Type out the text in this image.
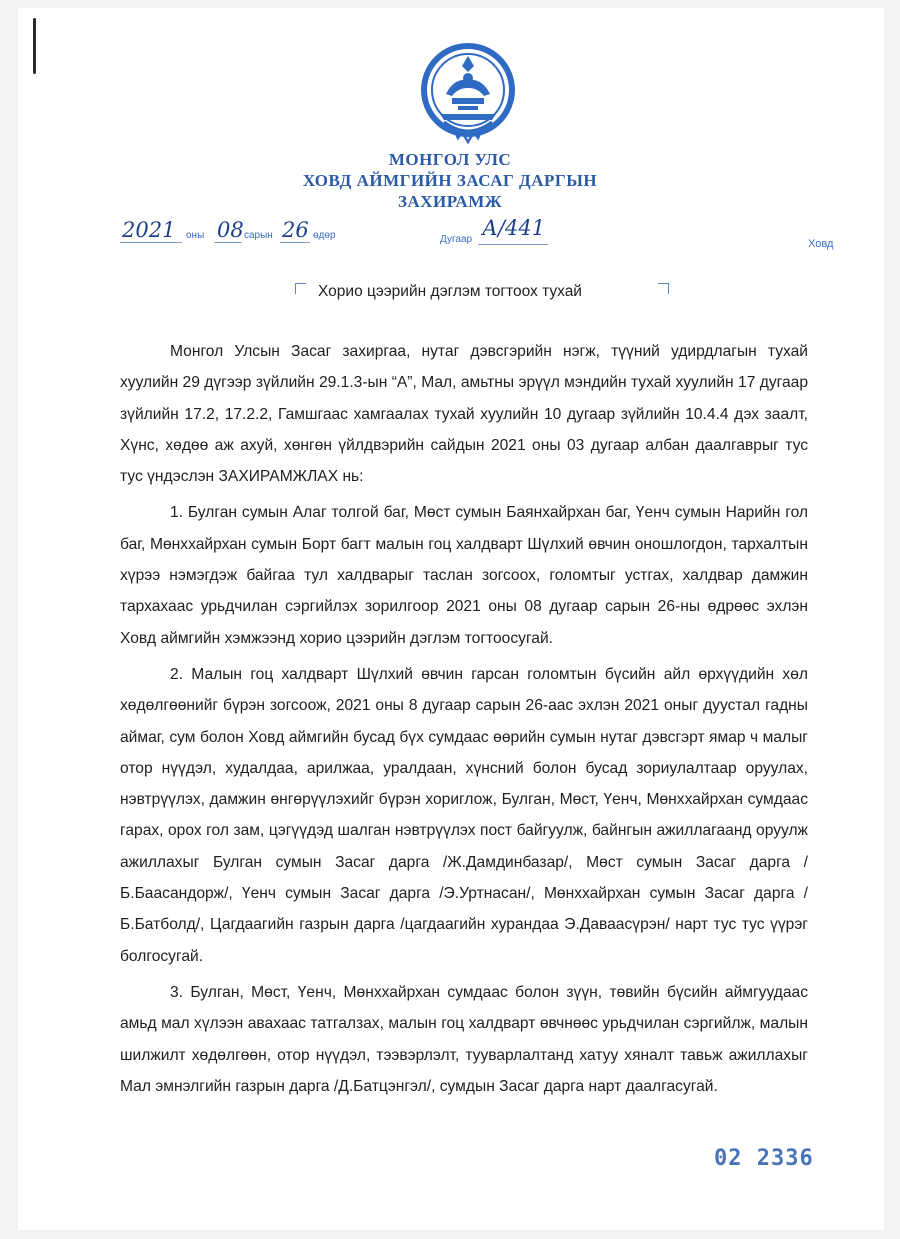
МОНГОЛ УЛС
ХОВД АЙМГИЙН ЗАСАГ ДАРГЫН
ЗАХИРАМЖ
2021 оны 08 сарын 26 өдөр	Дугаар А/441
Ховд
Хорио цээрийн дэглэм тогтоох тухай

Монгол Улсын Засаг захиргаа, нутаг дэвсгэрийн нэгж, түүний удирдлагын тухай хуулийн 29 дүгээр зүйлийн 29.1.3-ын “А”, Мал, амьтны эрүүл мэндийн тухай хуулийн 17 дугаар зүйлийн 17.2, 17.2.2, Гамшгаас хамгаалах тухай хуулийн 10 дугаар зүйлийн 10.4.4 дэх заалт, Хүнс, хөдөө аж ахуй, хөнгөн үйлдвэрийн сайдын 2021 оны 03 дугаар албан даалгаврыг тус тус үндэслэн ЗАХИРАМЖЛАХ нь:

1. Булган сумын Алаг толгой баг, Мөст сумын Баянхайрхан баг, Үенч сумын Нарийн гол баг, Мөнххайрхан сумын Борт багт малын гоц халдварт Шүлхий өвчин оношлогдон, тархалтын хүрээ нэмэгдэж байгаа тул халдварыг таслан зогсоох, голомтыг устгах, халдвар дамжин тархахаас урьдчилан сэргийлэх зорилгоор 2021 оны 08 дугаар сарын 26-ны өдрөөс эхлэн Ховд аймгийн хэмжээнд хорио цээрийн дэглэм тогтоосугай.

2. Малын гоц халдварт Шүлхий өвчин гарсан голомтын бүсийн айл өрхүүдийн хөл хөдөлгөөнийг бүрэн зогсоож, 2021 оны 8 дугаар сарын 26-аас эхлэн 2021 оныг дуустал гадны аймаг, сум болон Ховд аймгийн бусад бүх сумдаас өөрийн сумын нутаг дэвсгэрт ямар ч малыг отор нүүдэл, худалдаа, арилжаа, уралдаан, хүнсний болон бусад зориулалтаар оруулах, нэвтрүүлэх, дамжин өнгөрүүлэхийг бүрэн хориглож, Булган, Мөст, Үенч, Мөнххайрхан сумдаас гарах, орох гол зам, цэгүүдэд шалган нэвтрүүлэх пост байгуулж, байнгын ажиллагаанд оруулж ажиллахыг Булган сумын Засаг дарга /Ж.Дамдинбазар/, Мөст сумын Засаг дарга /Б.Баасандорж/, Үенч сумын Засаг дарга /Э.Уртнасан/, Мөнххайрхан сумын Засаг дарга /Б.Батболд/, Цагдаагийн газрын дарга /цагдаагийн хурандаа Э.Даваасүрэн/ нарт тус тус үүрэг болгосугай.

3. Булган, Мөст, Үенч, Мөнххайрхан сумдаас болон зүүн, төвийн бүсийн аймгуудаас амьд мал хүлээн авахаас татгалзах, малын гоц халдварт өвчнөөс урьдчилан сэргийлж, малын шилжилт хөдөлгөөн, отор нүүдэл, тээвэрлэлт, тууварлалтанд хатуу хяналт тавьж ажиллахыг Мал эмнэлгийн газрын дарга /Д.Батцэнгэл/, сумдын Засаг дарга нарт даалгасугай.

02 2336
